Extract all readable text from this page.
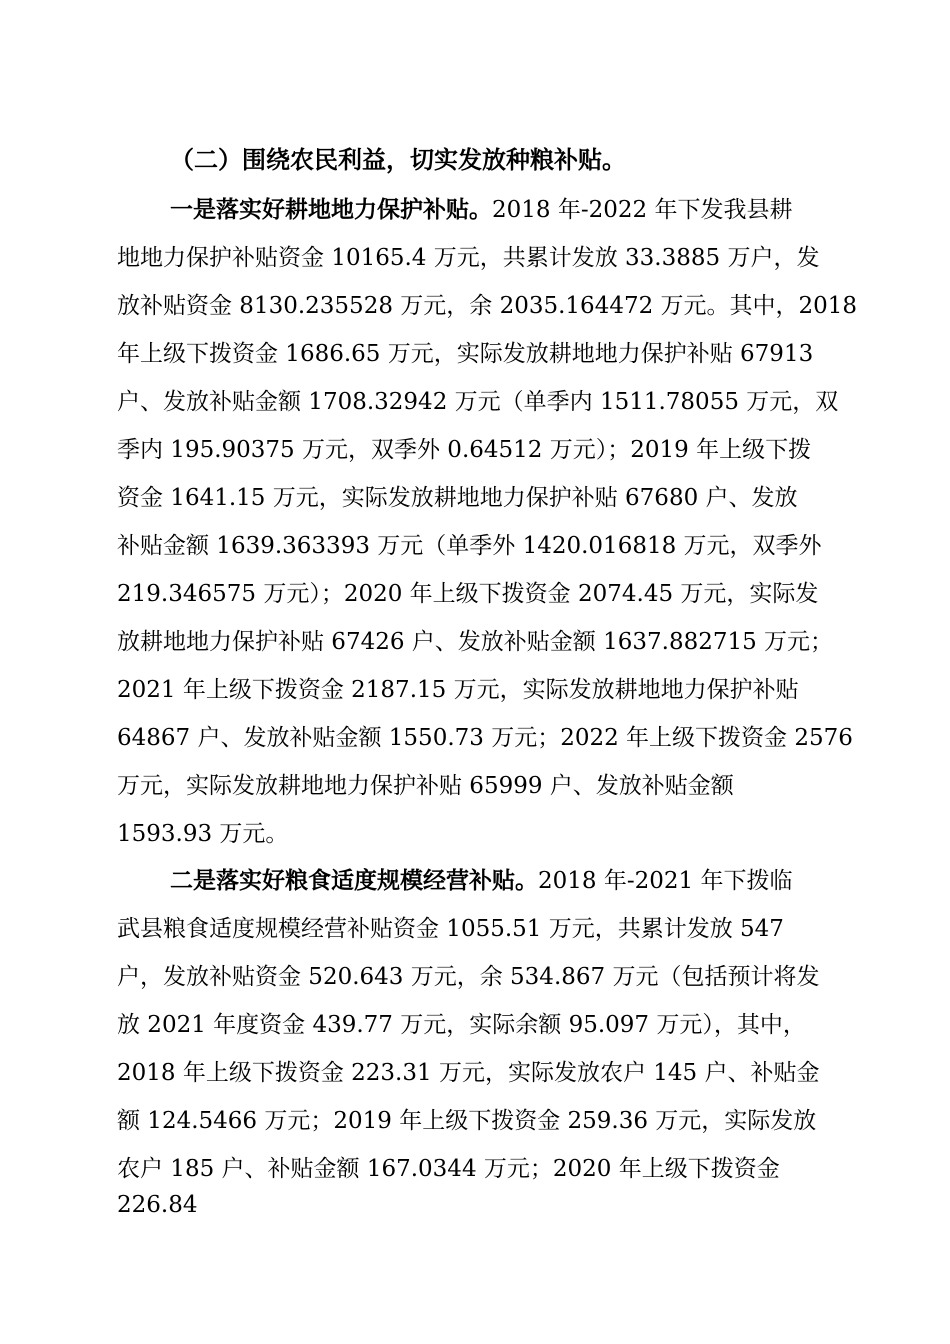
（二）围绕农民利益，切实发放种粮补贴。
一是落实好耕地地力保护补贴。2018 年-2022 年下发我县耕
地地力保护补贴资金 10165.4 万元，共累计发放 33.3885 万户，发
放补贴资金 8130.235528 万元，余 2035.164472 万元。其中，2018
年上级下拨资金 1686.65 万元，实际发放耕地地力保护补贴 67913
户、发放补贴金额 1708.32942 万元（单季内 1511.78055 万元，双
季内 195.90375 万元，双季外 0.64512 万元）；2019 年上级下拨
资金 1641.15 万元，实际发放耕地地力保护补贴 67680 户、发放
补贴金额 1639.363393 万元（单季外 1420.016818 万元，双季外
219.346575 万元）；2020 年上级下拨资金 2074.45 万元，实际发
放耕地地力保护补贴 67426 户、发放补贴金额 1637.882715 万元；
2021 年上级下拨资金 2187.15 万元，实际发放耕地地力保护补贴
64867 户、发放补贴金额 1550.73 万元；2022 年上级下拨资金 2576
万元，实际发放耕地地力保护补贴 65999 户、发放补贴金额
1593.93 万元。
二是落实好粮食适度规模经营补贴。2018 年-2021 年下拨临
武县粮食适度规模经营补贴资金 1055.51 万元，共累计发放 547
户，发放补贴资金 520.643 万元，余 534.867 万元（包括预计将发
放 2021 年度资金 439.77 万元，实际余额 95.097 万元），其中，
2018 年上级下拨资金 223.31 万元，实际发放农户 145 户、补贴金
额 124.5466 万元；2019 年上级下拨资金 259.36 万元，实际发放
农户 185 户、补贴金额 167.0344 万元；2020 年上级下拨资金
226.84
